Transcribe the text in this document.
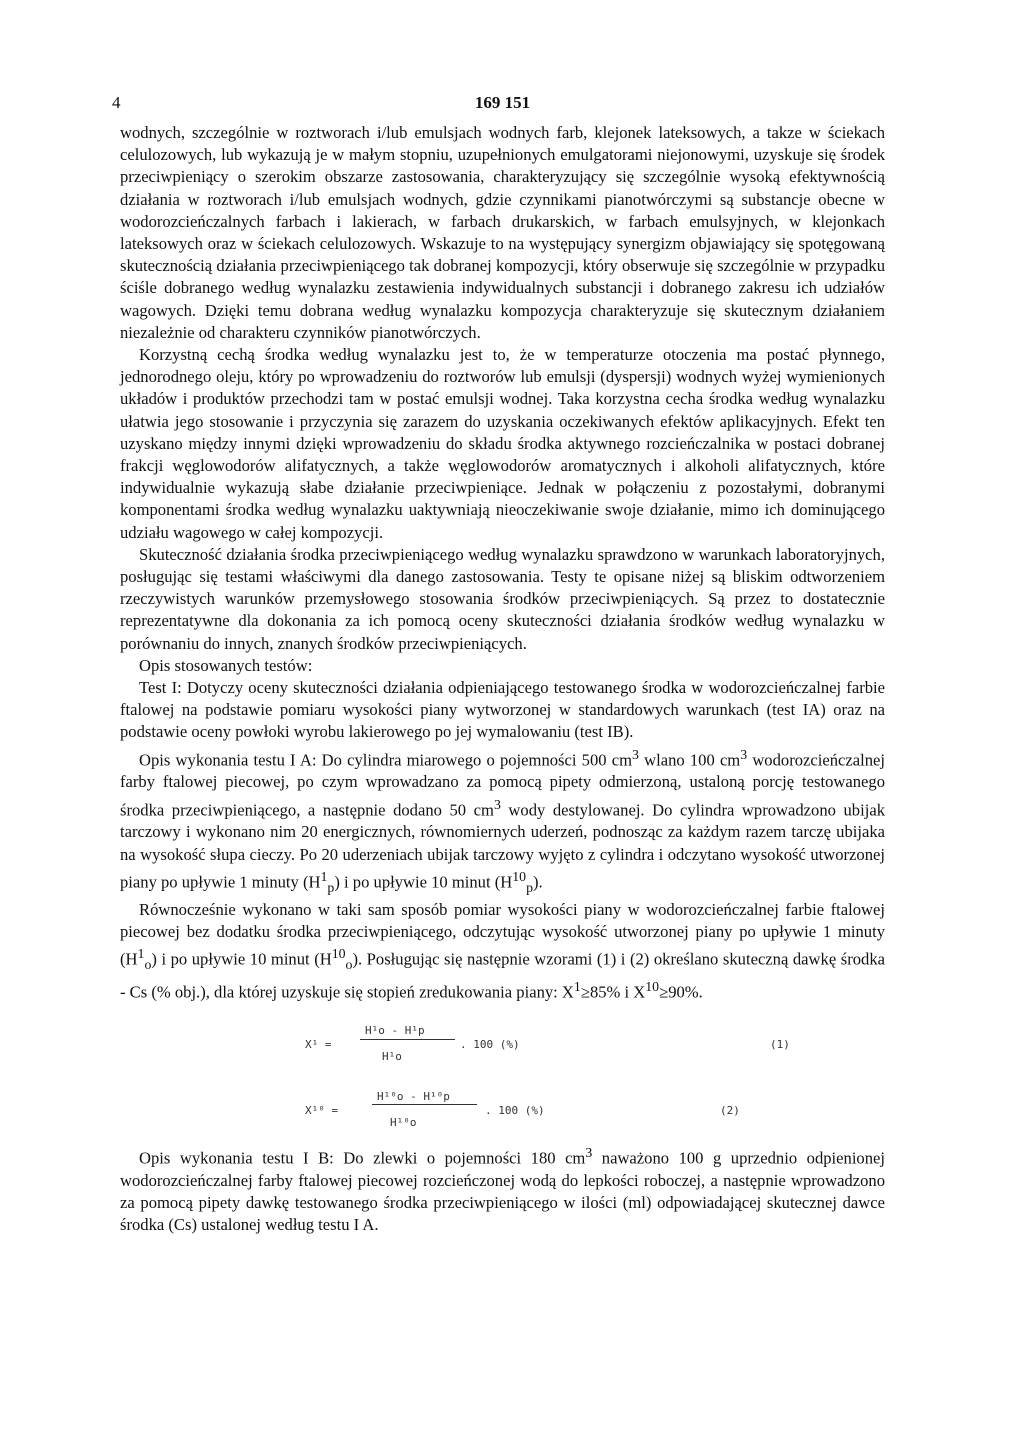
4	169 151

wodnych, szczególnie w roztworach i/lub emulsjach wodnych farb, klejonek lateksowych, a takze w ściekach celulozowych, lub wykazują je w małym stopniu, uzupełnionych emulgatorami niejonowymi, uzyskuje się środek przeciwpieniący o szerokim obszarze zastosowania, charakteryzujący się szczególnie wysoką efektywnością działania w roztworach i/lub emulsjach wodnych, gdzie czynnikami pianotwórczymi są substancje obecne w wodorozcieńczalnych farbach i lakierach, w farbach drukarskich, w farbach emulsyjnych, w klejonkach lateksowych oraz w ściekach celulozowych. Wskazuje to na występujący synergizm objawiający się spotęgowaną skutecznością działania przeciwpieniącego tak dobranej kompozycji, który obserwuje się szczególnie w przypadku ściśle dobranego według wynalazku zestawienia indywidualnych substancji i dobranego zakresu ich udziałów wagowych. Dzięki temu dobrana według wynalazku kompozycja charakteryzuje się skutecznym działaniem niezależnie od charakteru czynników pianotwórczych.

Korzystną cechą środka według wynalazku jest to, że w temperaturze otoczenia ma postać płynnego, jednorodnego oleju, który po wprowadzeniu do roztworów lub emulsji (dyspersji) wodnych wyżej wymienionych układów i produktów przechodzi tam w postać emulsji wodnej. Taka korzystna cecha środka według wynalazku ułatwia jego stosowanie i przyczynia się zarazem do uzyskania oczekiwanych efektów aplikacyjnych. Efekt ten uzyskano między innymi dzięki wprowadzeniu do składu środka aktywnego rozcieńczalnika w postaci dobranej frakcji węglowodorów alifatycznych, a także węglowodorów aromatycznych i alkoholi alifatycznych, które indywidualnie wykazują słabe działanie przeciwpieniące. Jednak w połączeniu z pozostałymi, dobranymi komponentami środka według wynalazku uaktywniają nieoczekiwanie swoje działanie, mimo ich dominującego udziału wagowego w całej kompozycji.

Skuteczność działania środka przeciwpieniącego według wynalazku sprawdzono w warunkach laboratoryjnych, posługując się testami właściwymi dla danego zastosowania. Testy te opisane niżej są bliskim odtworzeniem rzeczywistych warunków przemysłowego stosowania środków przeciwpieniących. Są przez to dostatecznie reprezentatywne dla dokonania za ich pomocą oceny skuteczności działania środków według wynalazku w porównaniu do innych, znanych środków przeciwpieniących.

Opis stosowanych testów:

Test I: Dotyczy oceny skuteczności działania odpieniającego testowanego środka w wodorozcieńczalnej farbie ftalowej na podstawie pomiaru wysokości piany wytworzonej w standardowych warunkach (test IA) oraz na podstawie oceny powłoki wyrobu lakierowego po jej wymalowaniu (test IB).

Opis wykonania testu I A: Do cylindra miarowego o pojemności 500 $cm^3$ wlano 100 $cm^3$ wodorozcieńczalnej farby ftalowej piecowej, po czym wprowadzano za pomocą pipety odmierzoną, ustaloną porcję testowanego środka przeciwpieniącego, a następnie dodano 50 $cm^3$ wody destylowanej. Do cylindra wprowadzono ubijak tarczowy i wykonano nim 20 energicznych, równomiernych uderzeń, podnosząc za każdym razem tarczę ubijaka na wysokość słupa cieczy. Po 20 uderzeniach ubijak tarczowy wyjęto z cylindra i odczytano wysokość utworzonej piany po upływie 1 minuty $(H^1_p)$ i po upływie 10 minut $(H^{10}_p)$.

Równocześnie wykonano w taki sam sposób pomiar wysokości piany w wodorozcieńczalnej farbie ftalowej piecowej bez dodatku środka przeciwpieniącego, odczytując wysokość utworzonej piany po upływie 1 minuty $(H^1_o)$ i po upływie 10 minut $(H^{10}_o)$. Posługując się następnie wzorami (1) i (2) określano skuteczną dawkę środka - Cs (% obj.), dla której uzyskuje się stopień zredukowania piany: $X^1\ge 85\%$ i $X^{10}\ge 90\%$.

X¹ =
H¹o - H¹p
H¹o
. 100 (%)	(1)
X¹⁰ =
H¹⁰o - H¹⁰p
H¹⁰o
. 100 (%)	(2)

Opis wykonania testu I B: Do zlewki o pojemności 180 $cm^3$ naważono 100 g uprzednio odpienionej wodorozcieńczalnej farby ftalowej piecowej rozcieńczonej wodą do lepkości roboczej, a następnie wprowadzono za pomocą pipety dawkę testowanego środka przeciwpieniącego w ilości (ml) odpowiadającej skutecznej dawce środka (Cs) ustalonej według testu I A.
